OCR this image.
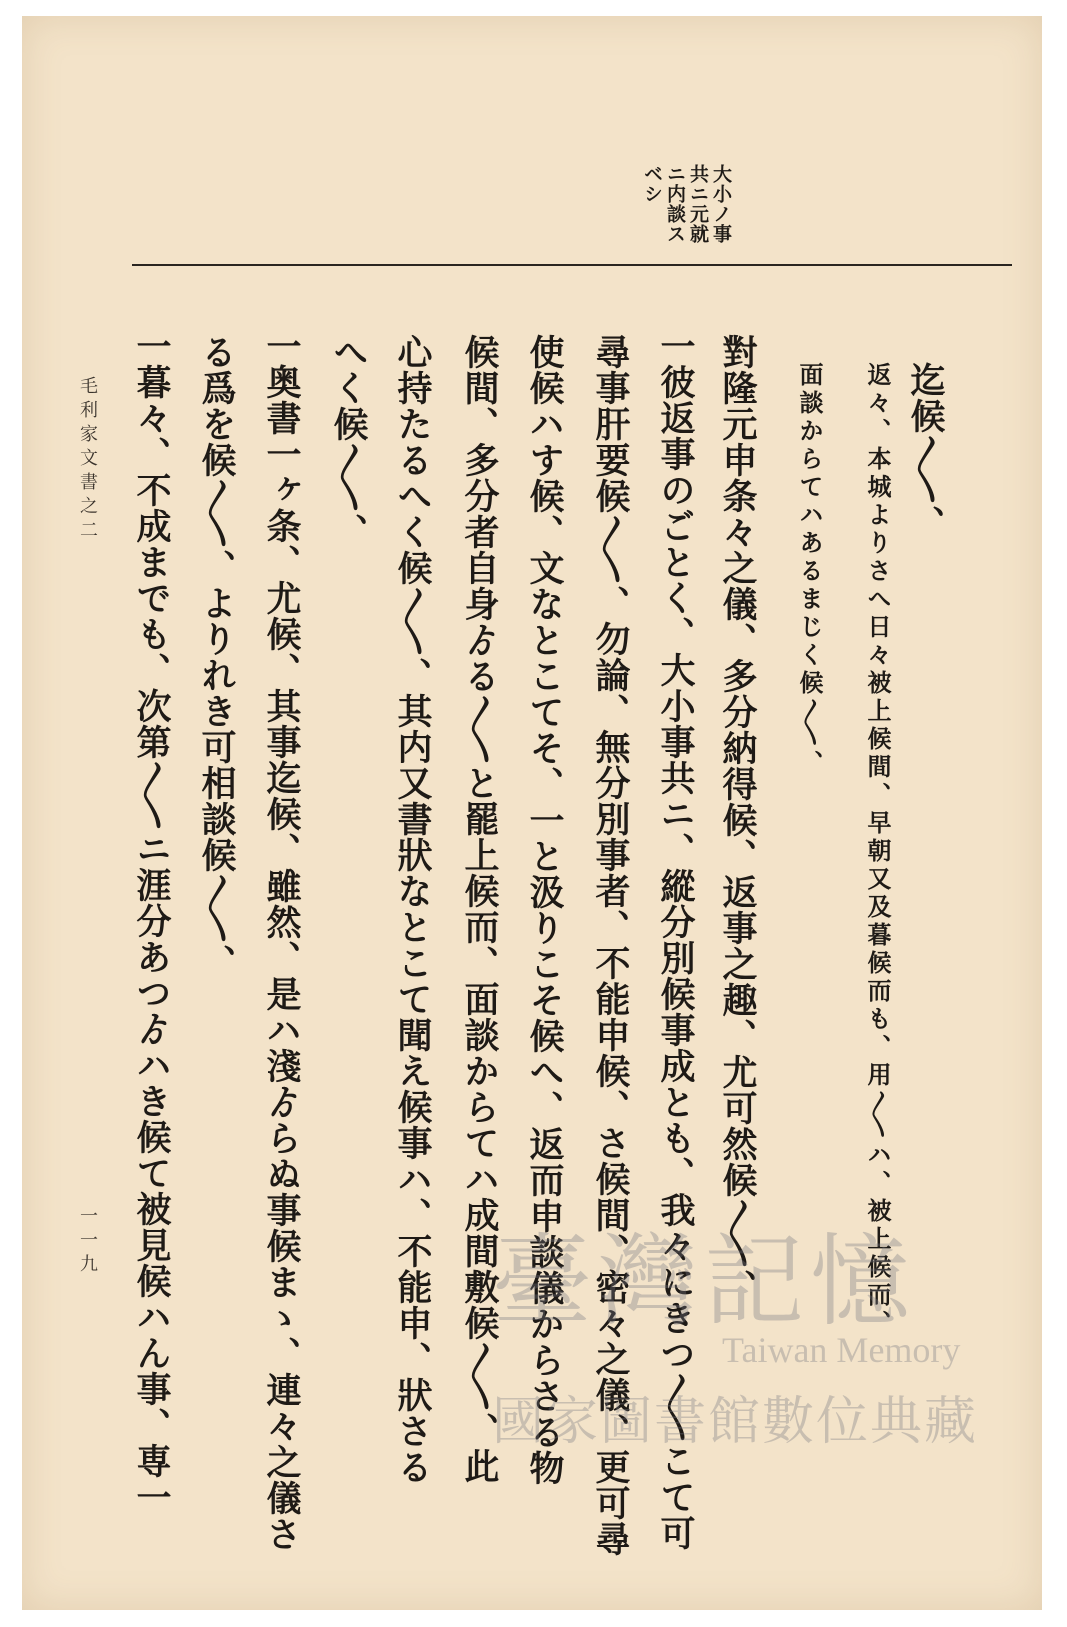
大小ノ事
共ニ元就
ニ内談ス
ベシ
迄候〳〵、
返々、本城よりさへ日々被上候間、早朝又及暮候而も、用〳〵ハ、被上候而、
面談からてハあるまじく候〳〵、
對隆元申条々之儀、多分納得候、返事之趣、尤可然候〳〵、
一彼返事のごとく、大小事共ニ、縱分別候事成とも、我々にきつ〳〵こて可
尋事肝要候〳〵、勿論、無分別事者、不能申候、さ候間、密々之儀、更可尋
使候ハす候、文なとこてそ、一と汲りこそ候へ、返而申談儀からさる物
候間、多分者自身ゟる〳〵と罷上候而、面談からてハ成間敷候〳〵、此
心持たるへく候〳〵、其内又書狀なとこて聞え候事ハ、不能申、狀さる
へく候〳〵、
一奥書一ヶ条、尤候、其事迄候、雖然、是ハ淺ゟらぬ事候まゝ、連々之儀さ
る爲を候〳〵、よりれき可相談候〳〵、
一暮々、不成までも、次第〳〵ニ涯分あつゟハき候て被見候ハん事、専一
毛利家文書之二
一一九	臺灣記憶
Taiwan Memory
國家圖書館數位典藏
